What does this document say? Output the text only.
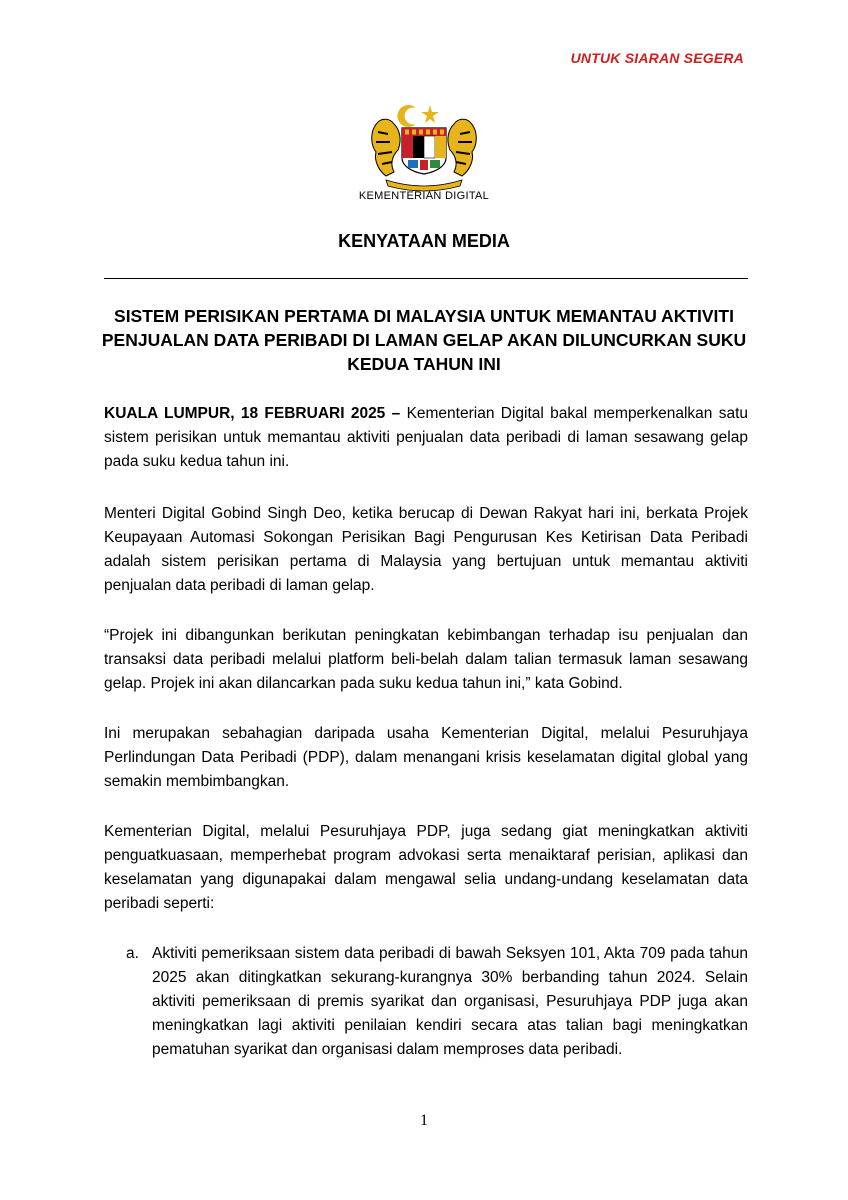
UNTUK SIARAN SEGERA
KEMENTERIAN DIGITAL
KENYATAAN MEDIA
SISTEM PERISIKAN PERTAMA DI MALAYSIA UNTUK MEMANTAU AKTIVITI PENJUALAN DATA PERIBADI DI LAMAN GELAP AKAN DILUNCURKAN SUKU KEDUA TAHUN INI

KUALA LUMPUR, 18 FEBRUARI 2025 – Kementerian Digital bakal memperkenalkan satu sistem perisikan untuk memantau aktiviti penjualan data peribadi di laman sesawang gelap pada suku kedua tahun ini.

Menteri Digital Gobind Singh Deo, ketika berucap di Dewan Rakyat hari ini, berkata Projek Keupayaan Automasi Sokongan Perisikan Bagi Pengurusan Kes Ketirisan Data Peribadi adalah sistem perisikan pertama di Malaysia yang bertujuan untuk memantau aktiviti penjualan data peribadi di laman gelap.

“Projek ini dibangunkan berikutan peningkatan kebimbangan terhadap isu penjualan dan transaksi data peribadi melalui platform beli-belah dalam talian termasuk laman sesawang gelap. Projek ini akan dilancarkan pada suku kedua tahun ini,” kata Gobind.

Ini merupakan sebahagian daripada usaha Kementerian Digital, melalui Pesuruhjaya Perlindungan Data Peribadi (PDP), dalam menangani krisis keselamatan digital global yang semakin membimbangkan.

Kementerian Digital, melalui Pesuruhjaya PDP, juga sedang giat meningkatkan aktiviti penguatkuasaan, memperhebat program advokasi serta menaiktaraf perisian, aplikasi dan keselamatan yang digunapakai dalam mengawal selia undang-undang keselamatan data peribadi seperti:

a. Aktiviti pemeriksaan sistem data peribadi di bawah Seksyen 101, Akta 709 pada tahun 2025 akan ditingkatkan sekurang-kurangnya 30% berbanding tahun 2024. Selain aktiviti pemeriksaan di premis syarikat dan organisasi, Pesuruhjaya PDP juga akan meningkatkan lagi aktiviti penilaian kendiri secara atas talian bagi meningkatkan pematuhan syarikat dan organisasi dalam memproses data peribadi.
1
